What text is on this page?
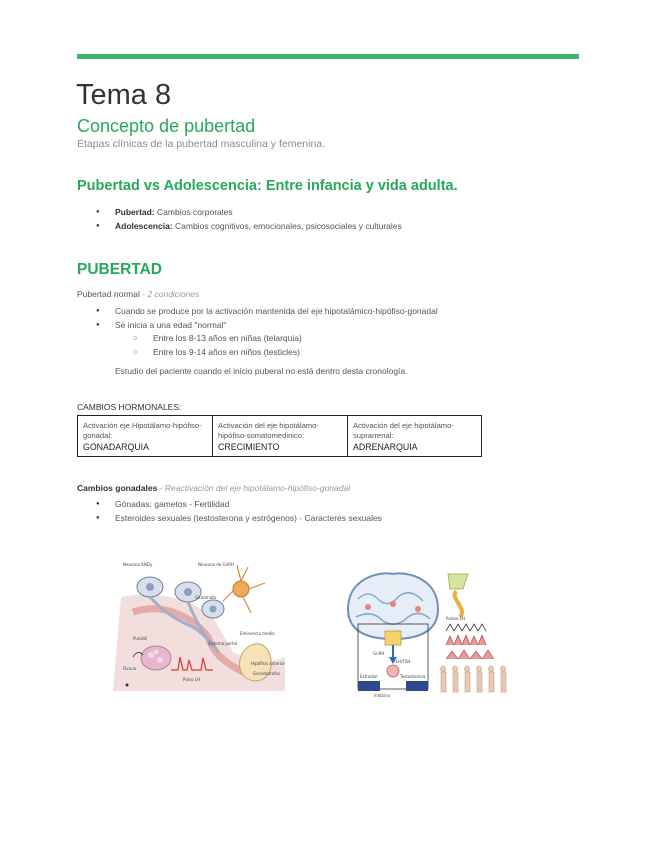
Tema 8
Concepto de pubertad
Etapas clínicas de la pubertad masculina y femenina.
Pubertad vs Adolescencia: Entre infancia y vida adulta.
● Pubertad: Cambios corporales
● Adolescencia: Cambios cognitivos, emocionales, psicosociales y culturales
PUBERTAD
Pubertad normal - 2 condiciones
● Cuando se produce por la activación mantenida del eje hipotalámico-hipófiso-gonadal
● Se inicia a una edad "normal"
○ Entre los 8-13 años en niñas (telarquia)
○ Entre los 9-14 años en niños (testicles)
Estudio del paciente cuando el inicio puberal no está dentro desta cronología.
CAMBIOS HORMONALES:
Activación eje Hipotálamo-hipófiso-gonadal:
GONADARQUIA
	Activación del eje hipotálamo-hipófiso-somatomedinico:
CRECIMIENTO
	Activación del eje hipotálamo-suprarrenal:
ADRENARQUIA
Cambios gonadales - Reactivación del eje hipotálamo-hipófiso-gonadal
● Gónadas: gametos - Fertilidad
● Esteroides sexuales (testosterona y estrógenos) - Caracteres sexuales
Hipófisis anterior
Neurona KNDy	Neurona de GnRH
Glutamato
Pulsátil
Sistema portal
Eminencia media
Gonadotrofos
Ovario
Pulso LH
GnRH
Pulsos LH
LH/FSH
Estradiol	Testosterona
Inhibina
